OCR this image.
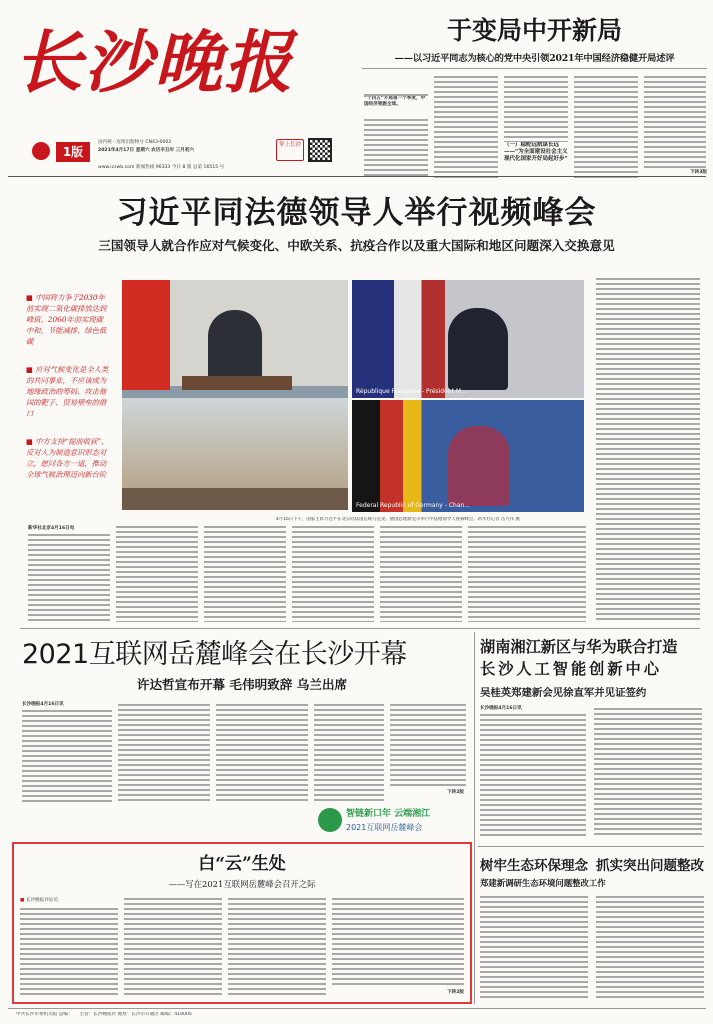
长沙晚报
1版
国内统一连续出版物号 CN43-0002
2021年4月17日 星期六 农历辛丑年 三月初六
www.icswb.com 新闻热线 96333 今日 8 版 总第 16515 号
掌上长沙
于变局中开新局
——以习近平同志为核心的党中央引领2021年中国经济稳健开局述评
“十四五”开局第一个季度，中国经济领跑全球。
（一）稳舵远航谋长远——“为全面建设社会主义现代化国家开好局起好步”
下转3版
习近平同法德领导人举行视频峰会
三国领导人就合作应对气候变化、中欧关系、抗疫合作以及重大国际和地区问题深入交换意见
■ 中国将力争于2030年前实现二氧化碳排放达到峰值、2060年前实现碳中和，节能减排、绿色低碳
■ 应对气候变化是全人类的共同事业，不应该成为地缘政治的筹码、攻击他国的靶子、贸易壁垒的借口
■ 中方支持“提前收获”，反对人为制造意识形态对立，愿同各方一道，推动全球气候治理迈向新台阶
République Française - Président M...
Federal Republic of Germany - Chan...
4月16日下午，国家主席习近平在北京同法国总统马克龙、德国总理默克尔举行中法德领导人视频峰会。新华社记者 岳月伟 摄
新华社北京4月16日电
2021互联网岳麓峰会在长沙开幕
许达哲宣布开幕 毛伟明致辞 乌兰出席
长沙晚报4月16日讯
下转2版
智链新口年 云端湘江
2021互联网岳麓峰会
湖南湘江新区与华为联合打造
长沙人工智能创新中心
吴桂英郑建新会见徐直军并见证签约
长沙晚报4月16日讯
树牢生态环保理念 抓实突出问题整改
郑建新调研生态环境问题整改工作
白“云”生处
——写在2021互联网岳麓峰会召开之际
■ 长沙晚报评论员
下转2版
中共长沙市委机关报 总编：　　主管：长沙晚报社 地址：长沙市开福区 邮编：410005
